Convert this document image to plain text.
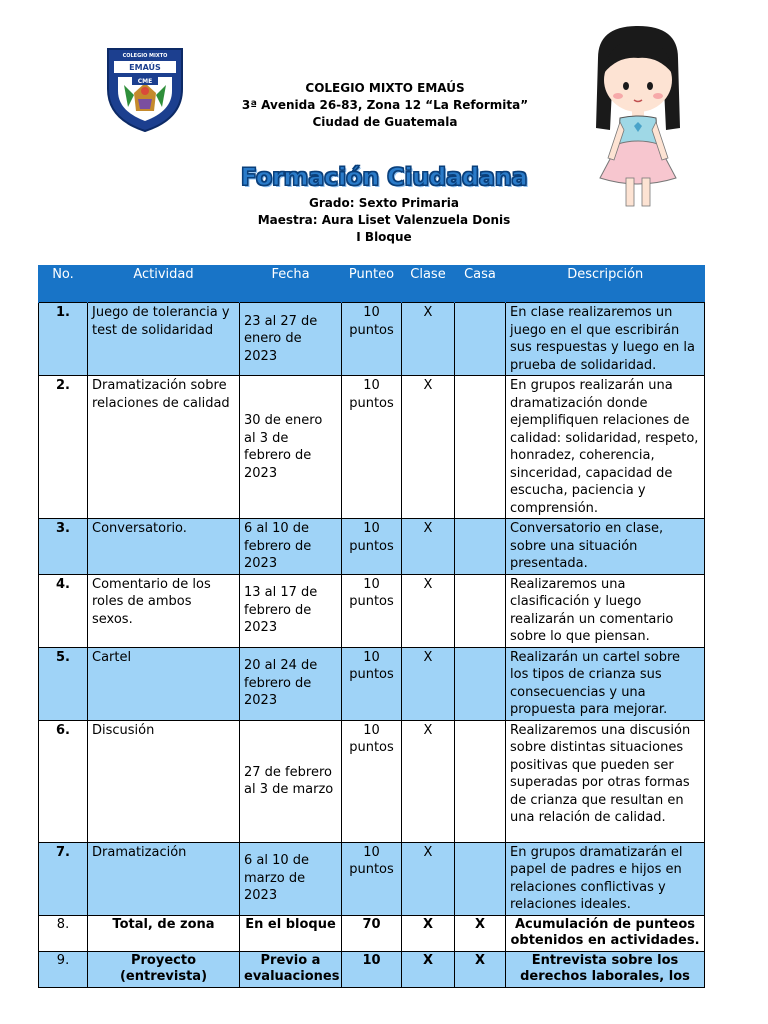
COLEGIO MIXTO
EMAÚS
CME	COLEGIO MIXTO EMAÚS
3ª Avenida 26-83, Zona 12 “La Reformita”
Ciudad de Guatemala
Formación Ciudadana
Grado: Sexto Primaria
Maestra: Aura Liset Valenzuela Donis
I Bloque
No.	Actividad	Fecha	Punteo	Clase	Casa	Descripción
1.	Juego de tolerancia y test de solidaridad	23 al 27 de enero de 2023	10 puntos	X		En clase realizaremos un juego en el que escribirán sus respuestas y luego en la prueba de solidaridad.
2.	Dramatización sobre relaciones de calidad	30 de enero al 3 de febrero de 2023	10 puntos	X		En grupos realizarán una dramatización donde ejemplifiquen relaciones de calidad: solidaridad, respeto, honradez, coherencia, sinceridad, capacidad de escucha, paciencia y comprensión.
3.	Conversatorio.	6 al 10 de febrero de 2023	10 puntos	X		Conversatorio en clase, sobre una situación presentada.
4.	Comentario de los roles de ambos sexos.	13 al 17 de febrero de 2023	10 puntos	X		Realizaremos una clasificación y luego realizarán un comentario sobre lo que piensan.
5.	Cartel	20 al 24 de febrero de 2023	10 puntos	X		Realizarán un cartel sobre los tipos de crianza sus consecuencias y una propuesta para mejorar.
6.	Discusión	27 de febrero al 3 de marzo	10 puntos	X		Realizaremos una discusión sobre distintas situaciones positivas que pueden ser superadas por otras formas de crianza que resultan en una relación de calidad.
7.	Dramatización	6 al 10 de marzo de 2023	10 puntos	X		En grupos dramatizarán el papel de padres e hijos en relaciones conflictivas y relaciones ideales.
8.	Total, de zona	En el bloque	70	X	X	Acumulación de punteos obtenidos en actividades.
9.	Proyecto (entrevista)	Previo a evaluaciones	10	X	X	Entrevista sobre los derechos laborales, los
